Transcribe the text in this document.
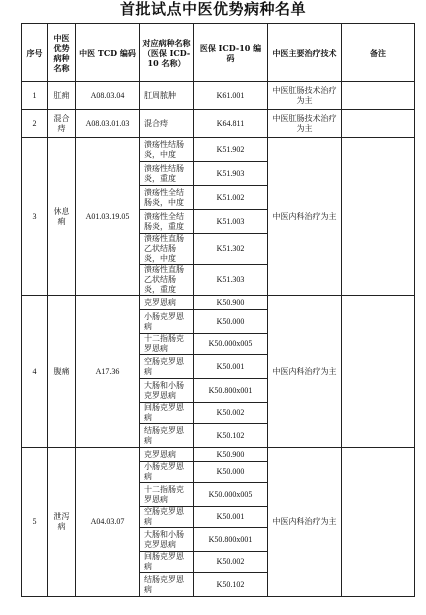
首批试点中医优势病种名单
序号	中医优势病种名称	中医 TCD 编码	对应病种名称（医保 ICD-10 名称）	医保 ICD-10 编码	中医主要治疗技术	备注
1	肛痈	A08.03.04	肛周脓肿	K61.001	中医肛肠技术治疗为主	
2	混合痔	A08.03.01.03	混合痔	K64.811	中医肛肠技术治疗为主	
3	休息痢	A01.03.19.05	溃疡性结肠炎，中度	K51.902	中医内科治疗为主	
			溃疡性结肠炎，重度	K51.903		
			溃疡性全结肠炎，中度	K51.002		
			溃疡性全结肠炎，重度	K51.003		
			溃疡性直肠乙状结肠炎，中度	K51.302		
			溃疡性直肠乙状结肠炎，重度	K51.303		
4	腹痛	A17.36	克罗恩病	K50.900	中医内科治疗为主	
			小肠克罗恩病	K50.000		
			十二指肠克罗恩病	K50.000x005		
			空肠克罗恩病	K50.001		
			大肠和小肠克罗恩病	K50.800x001		
			回肠克罗恩病	K50.002		
			结肠克罗恩病	K50.102		
5	泄泻病	A04.03.07	克罗恩病	K50.900	中医内科治疗为主	
			小肠克罗恩病	K50.000		
			十二指肠克罗恩病	K50.000x005		
			空肠克罗恩病	K50.001		
			大肠和小肠克罗恩病	K50.800x001		
			回肠克罗恩病	K50.002		
			结肠克罗恩病	K50.102		
